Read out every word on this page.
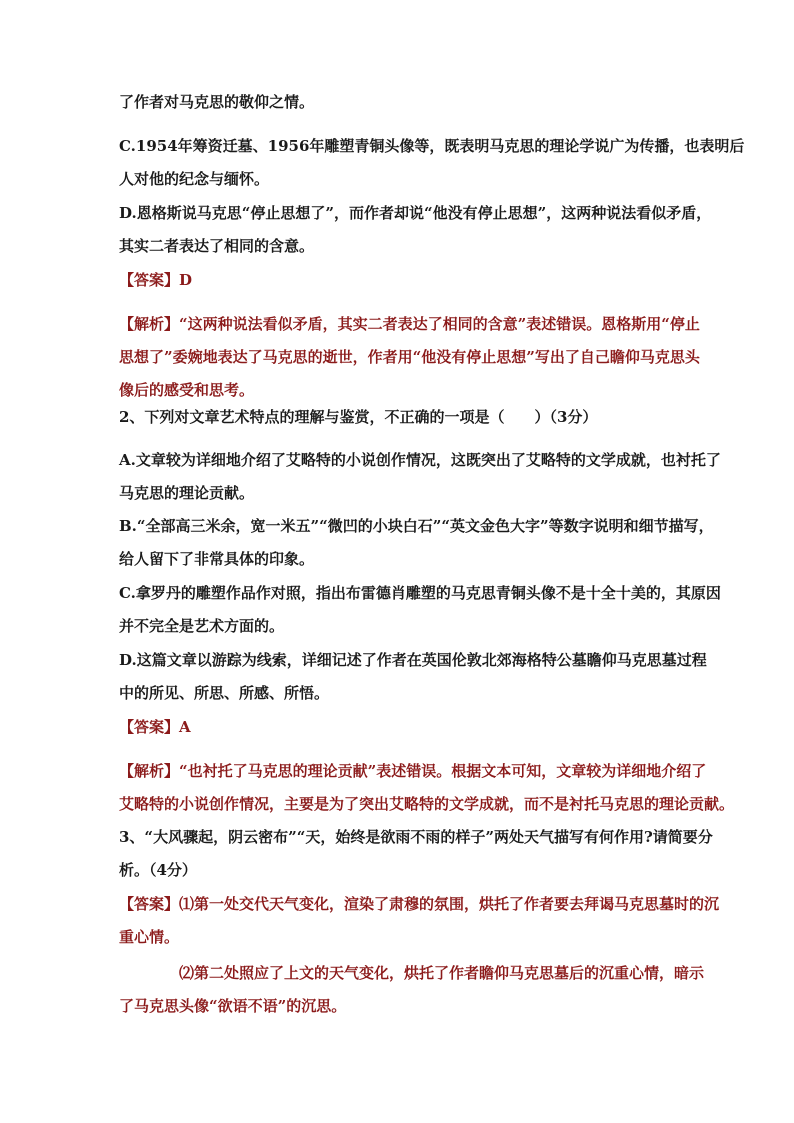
了作者对马克思的敬仰之情。
C.1954年筹资迁墓、1956年雕塑青铜头像等，既表明马克思的理论学说广为传播，也表明后
人对他的纪念与缅怀。
D.恩格斯说马克思“停止思想了”，而作者却说“他没有停止思想”，这两种说法看似矛盾，
其实二者表达了相同的含意。
【答案】D
【解析】“这两种说法看似矛盾，其实二者表达了相同的含意”表述错误。恩格斯用“停止
思想了”委婉地表达了马克思的逝世，作者用“他没有停止思想”写出了自己瞻仰马克思头
像后的感受和思考。
2、下列对文章艺术特点的理解与鉴赏，不正确的一项是（　　）（3分）
A.文章较为详细地介绍了艾略特的小说创作情况，这既突出了艾略特的文学成就，也衬托了
马克思的理论贡献。
B.“全部高三米余，宽一米五”“微凹的小块白石”“英文金色大字”等数字说明和细节描写，
给人留下了非常具体的印象。
C.拿罗丹的雕塑作品作对照，指出布雷德肖雕塑的马克思青铜头像不是十全十美的，其原因
并不完全是艺术方面的。
D.这篇文章以游踪为线索，详细记述了作者在英国伦敦北郊海格特公墓瞻仰马克思墓过程
中的所见、所思、所感、所悟。
【答案】A
【解析】“也衬托了马克思的理论贡献”表述错误。根据文本可知，文章较为详细地介绍了
艾略特的小说创作情况，主要是为了突出艾略特的文学成就，而不是衬托马克思的理论贡献。
3、“大风骤起，阴云密布”“天，始终是欲雨不雨的样子”两处天气描写有何作用?请简要分
析。（4分）
【答案】⑴第一处交代天气变化，渲染了肃穆的氛围，烘托了作者要去拜谒马克思墓时的沉
重心情。
⑵第二处照应了上文的天气变化，烘托了作者瞻仰马克思墓后的沉重心情，暗示
了马克思头像“欲语不语”的沉思。
